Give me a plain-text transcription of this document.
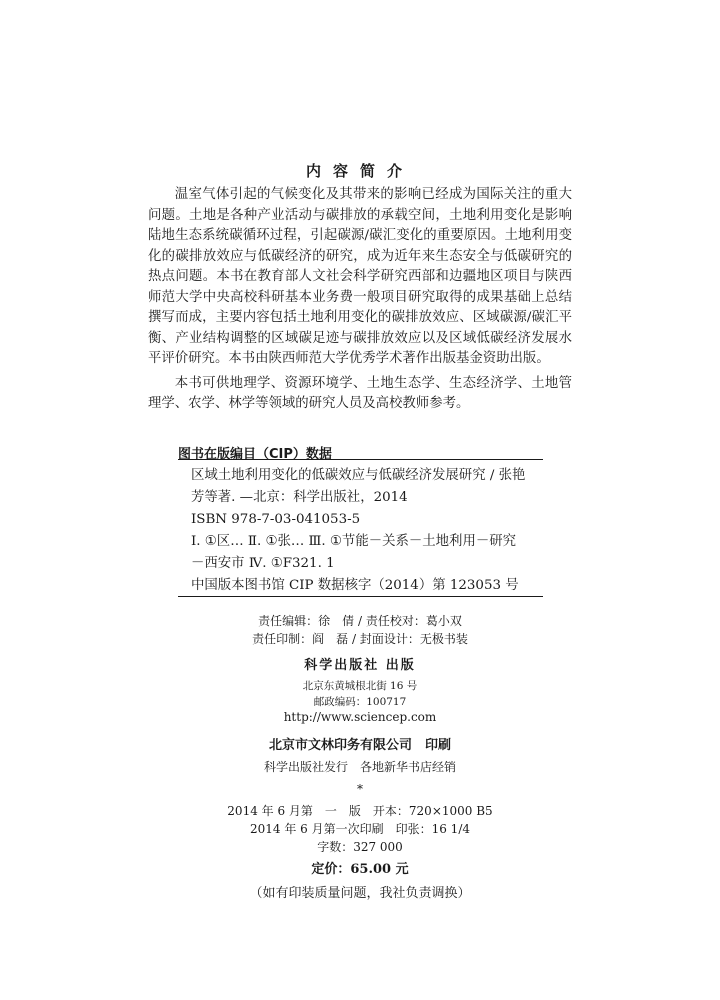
内容简介

温室气体引起的气候变化及其带来的影响已经成为国际关注的重大问题。土地是各种产业活动与碳排放的承载空间，土地利用变化是影响陆地生态系统碳循环过程，引起碳源/碳汇变化的重要原因。土地利用变化的碳排放效应与低碳经济的研究，成为近年来生态安全与低碳研究的热点问题。本书在教育部人文社会科学研究西部和边疆地区项目与陕西师范大学中央高校科研基本业务费一般项目研究取得的成果基础上总结撰写而成，主要内容包括土地利用变化的碳排放效应、区域碳源/碳汇平衡、产业结构调整的区域碳足迹与碳排放效应以及区域低碳经济发展水平评价研究。本书由陕西师范大学优秀学术著作出版基金资助出版。

本书可供地理学、资源环境学、土地生态学、生态经济学、土地管理学、农学、林学等领域的研究人员及高校教师参考。

图书在版编目（CIP）数据
区域土地利用变化的低碳效应与低碳经济发展研究 / 张艳
芳等著. —北京：科学出版社，2014
ISBN 978-7-03-041053-5
Ⅰ. ①区… Ⅱ. ①张… Ⅲ. ①节能－关系－土地利用－研究
－西安市 Ⅳ. ①F321. 1
中国版本图书馆 CIP 数据核字（2014）第 123053 号
责任编辑：徐　倩 / 责任校对：葛小双
责任印制：阎　磊 / 封面设计：无极书装
科学出版社 出版
北京东黄城根北街 16 号
邮政编码：100717
http://www.sciencep.com
北京市文林印务有限公司　印刷
科学出版社发行　各地新华书店经销
*
2014 年 6 月第　一　版　开本：720×1000 B5
2014 年 6 月第一次印刷　印张：16 1/4
字数：327 000
定价：65.00 元
（如有印装质量问题，我社负责调换）
